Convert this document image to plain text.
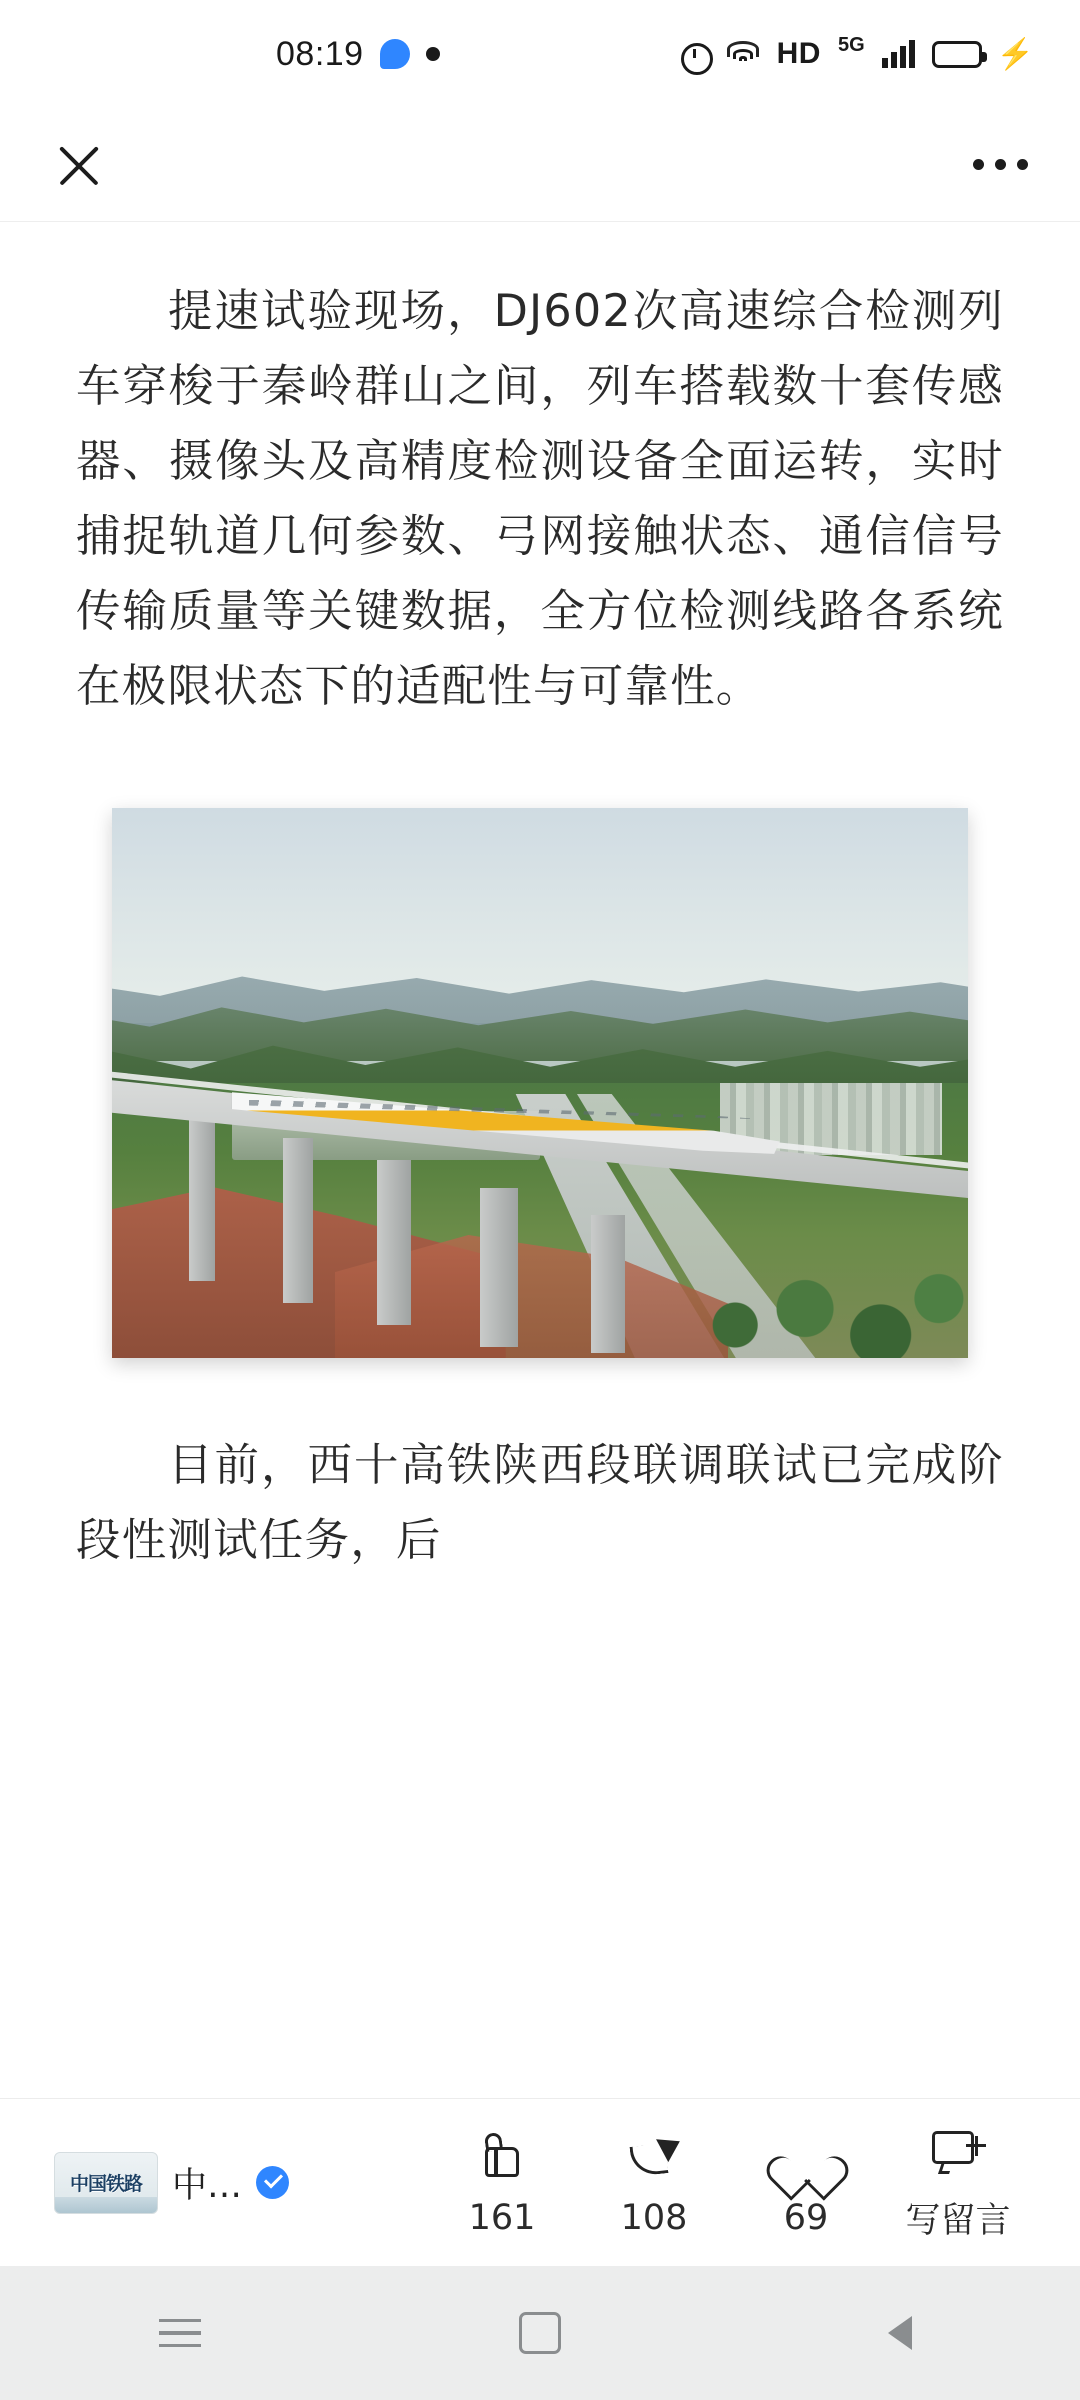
08:19	HD 5G	⚡

提速试验现场，DJ602次高速综合检测列车穿梭于秦岭群山之间，列车搭载数十套传感器、摄像头及高精度检测设备全面运转，实时捕捉轨道几何参数、弓网接触状态、通信信号传输质量等关键数据，全方位检测线路各系统在极限状态下的适配性与可靠性。

目前，西十高铁陕西段联调联试已完成阶段性测试任务，后

中国铁路 中…
161 108	69 写留言
